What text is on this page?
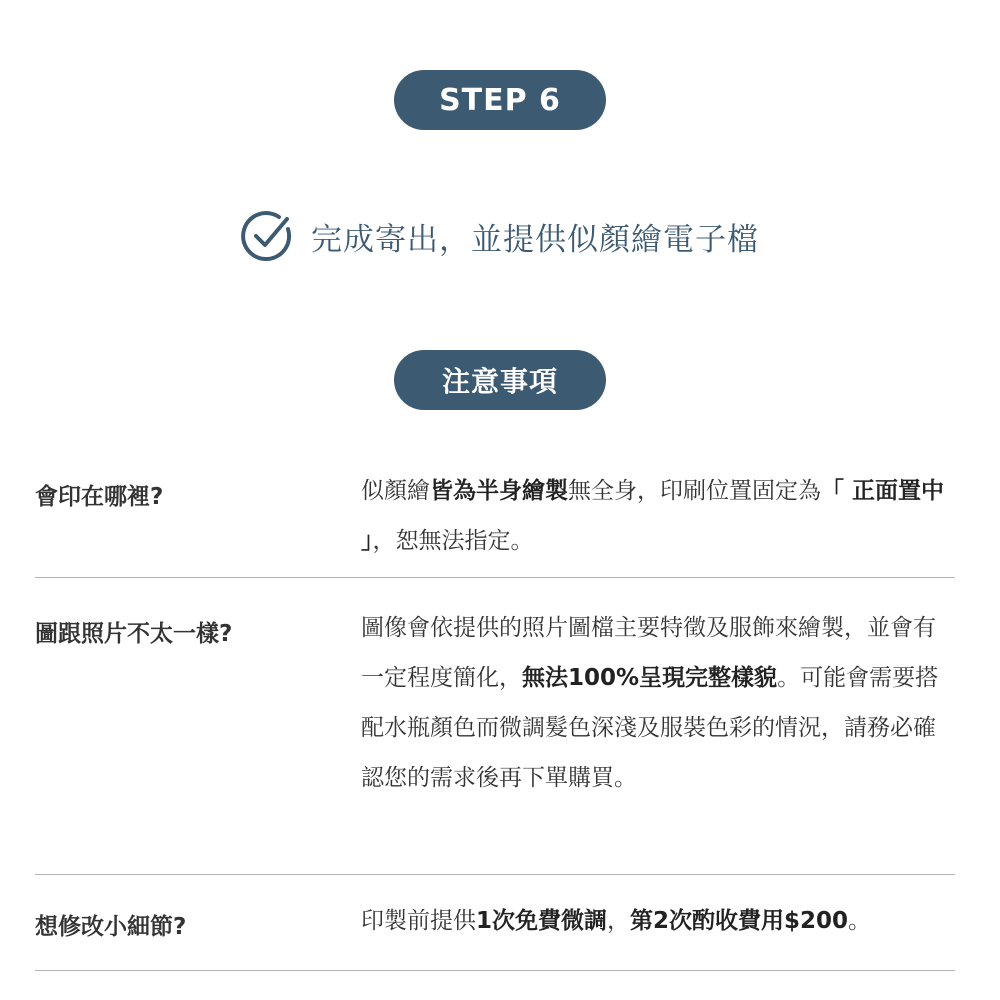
STEP 6
完成寄出，並提供似顏繪電子檔
注意事項
會印在哪裡?	似顏繪皆為半身繪製無全身，印刷位置固定為「 正面置中 」，恕無法指定。
圖跟照片不太一樣?	圖像會依提供的照片圖檔主要特徵及服飾來繪製，並會有一定程度簡化，無法100%呈現完整樣貌。可能會需要搭配水瓶顏色而微調髮色深淺及服裝色彩的情況，請務必確認您的需求後再下單購買。
想修改小細節?	印製前提供1次免費微調，第2次酌收費用$200。
